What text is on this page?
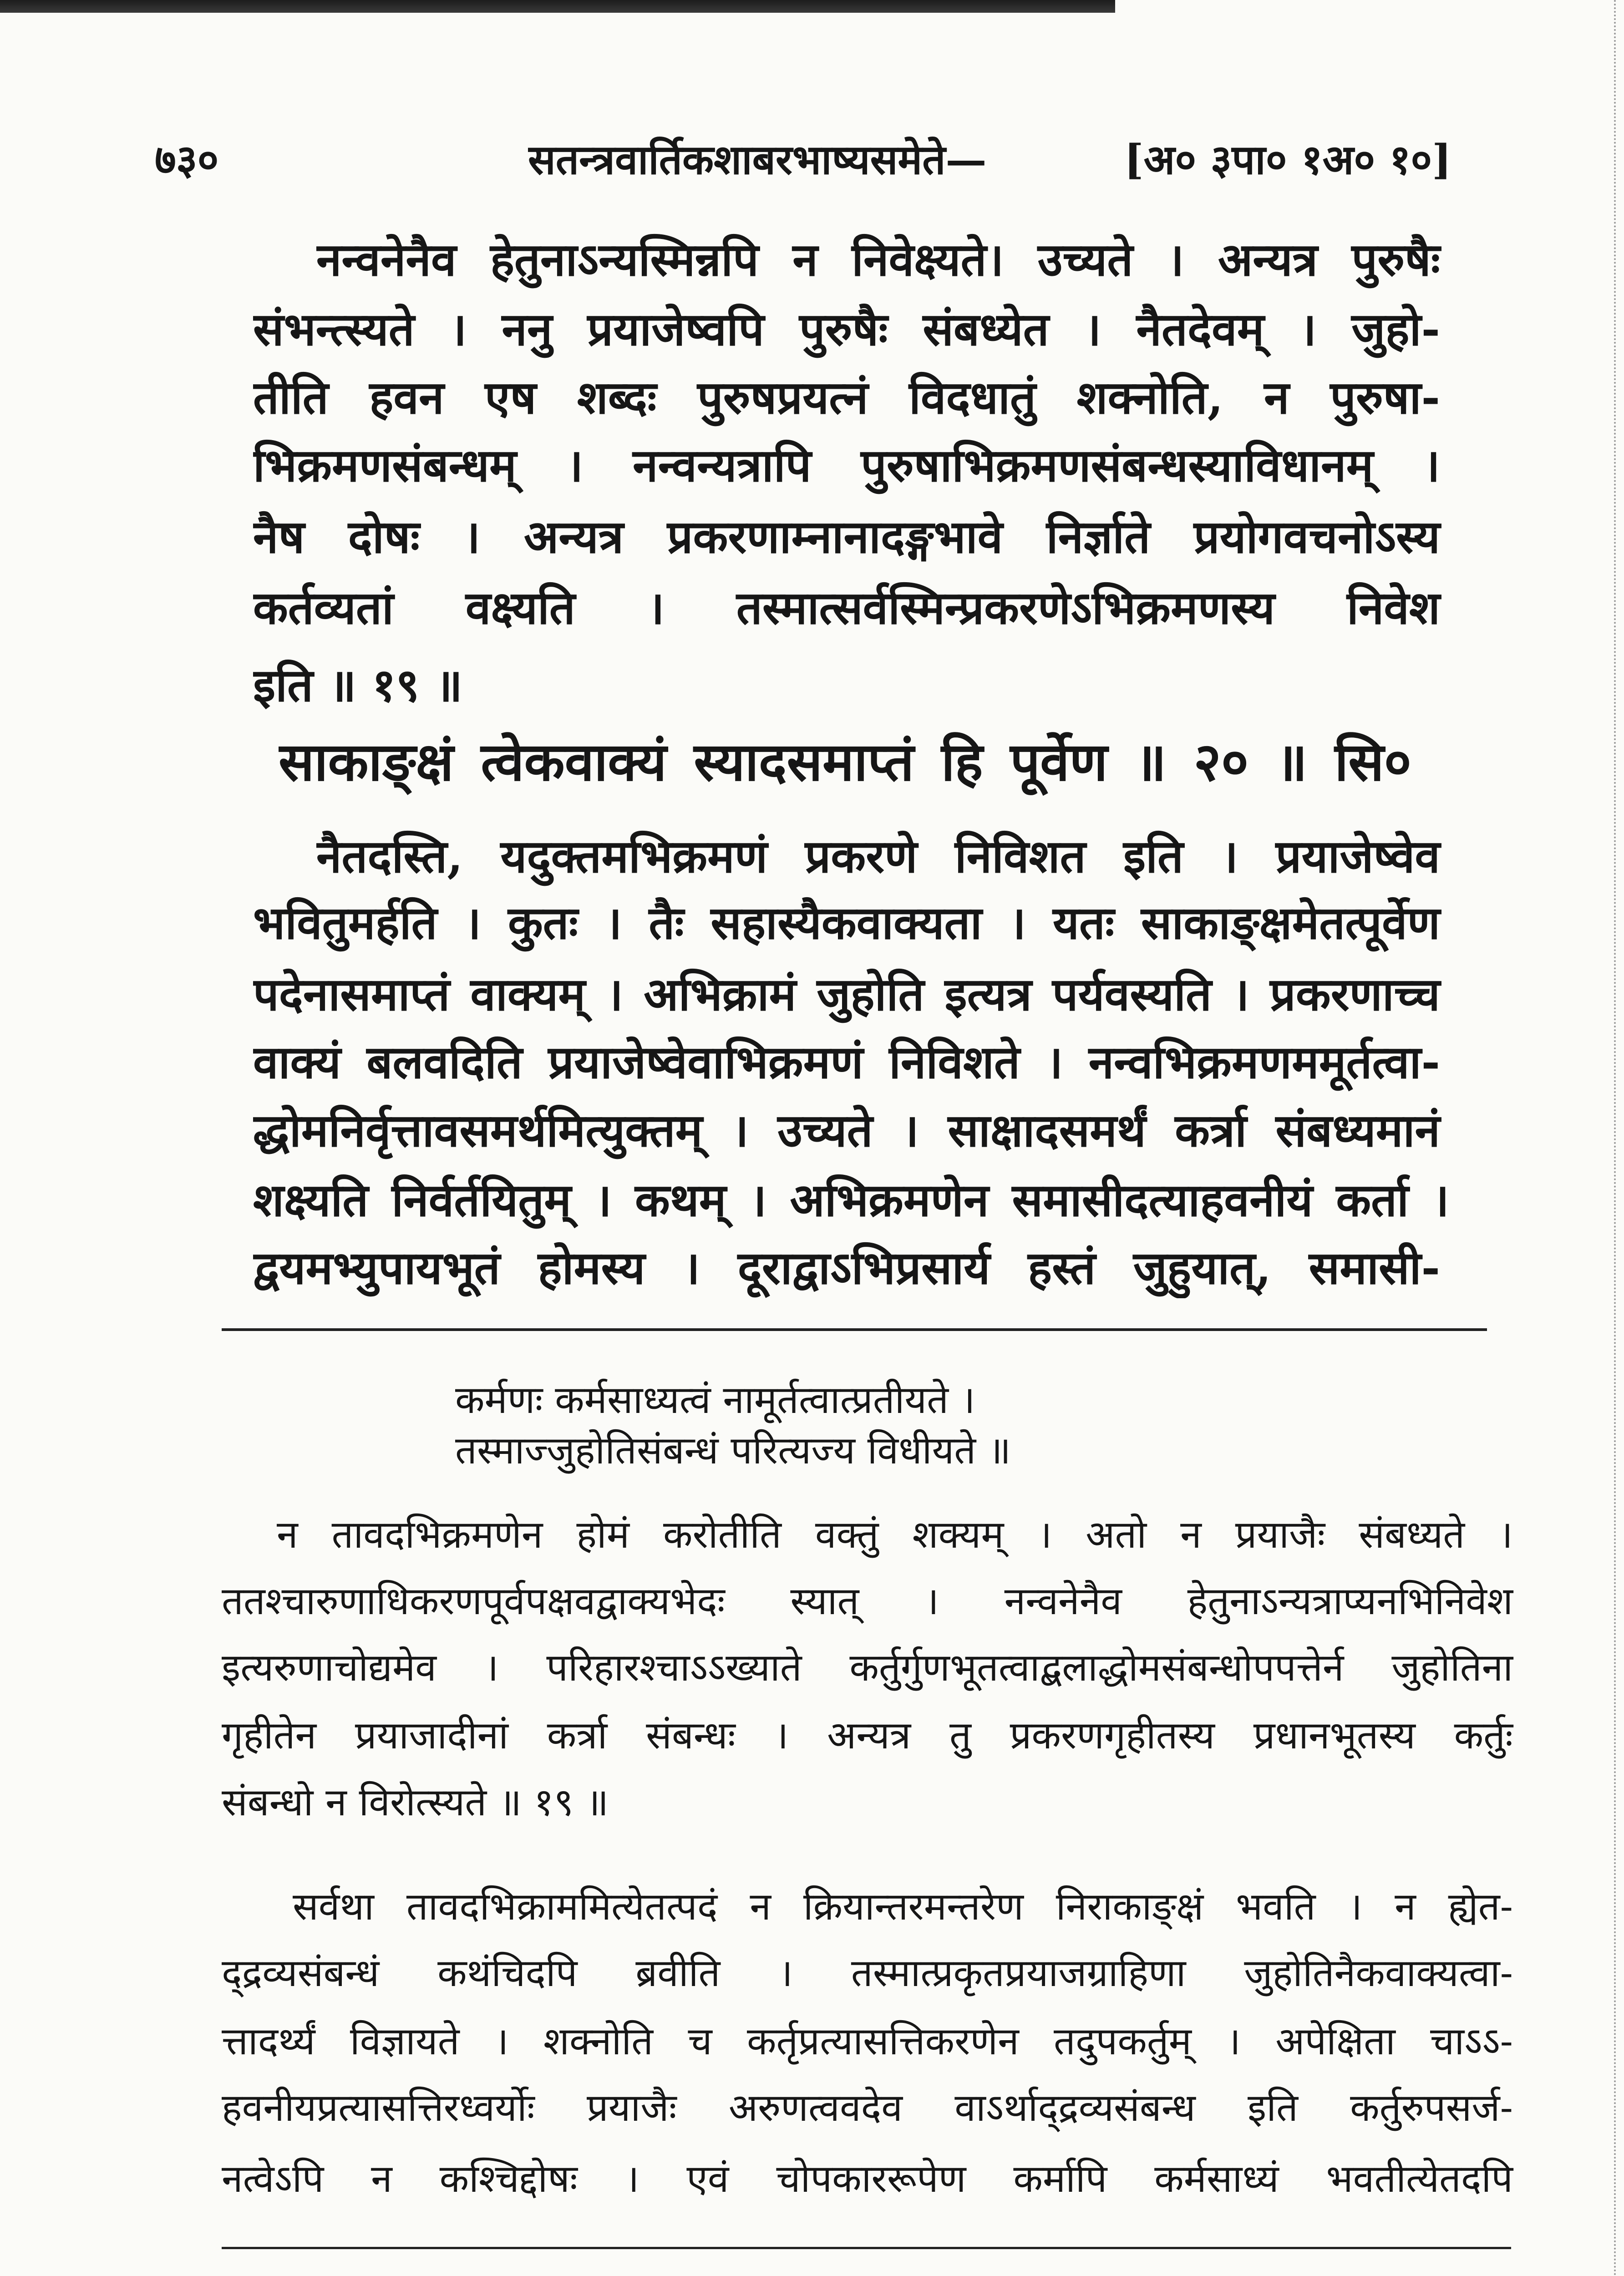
७३०	सतन्त्रवार्तिकशाबरभाष्यसमेते—	[अ० ३पा० १अ० १०]
नन्वनेनैव हेतुनाऽन्यस्मिन्नपि न निवेक्ष्यते। उच्यते । अन्यत्र पुरुषैः
संभन्त्स्यते । ननु प्रयाजेष्वपि पुरुषैः संबध्येत । नैतदेवम् । जुहो-
तीति हवन एष शब्दः पुरुषप्रयत्नं विदधातुं शक्नोति, न पुरुषा-
भिक्रमणसंबन्धम् । नन्वन्यत्रापि पुरुषाभिक्रमणसंबन्धस्याविधानम् ।
नैष दोषः । अन्यत्र प्रकरणाम्नानादङ्गभावे निर्ज्ञाते प्रयोगवचनोऽस्य
कर्तव्यतां वक्ष्यति । तस्मात्सर्वस्मिन्प्रकरणेऽभिक्रमणस्य निवेश
इति ॥ १९ ॥
साकाङ्क्षं त्वेकवाक्यं स्यादसमाप्तं हि पूर्वेण ॥ २० ॥ सि०
नैतदस्ति, यदुक्तमभिक्रमणं प्रकरणे निविशत इति । प्रयाजेष्वेव
भवितुमर्हति । कुतः । तैः सहास्यैकवाक्यता । यतः साकाङ्क्षमेतत्पूर्वेण
पदेनासमाप्तं वाक्यम् । अभिक्रामं जुहोति इत्यत्र पर्यवस्यति । प्रकरणाच्च
वाक्यं बलवदिति प्रयाजेष्वेवाभिक्रमणं निविशते । नन्वभिक्रमणममूर्तत्वा-
द्धोमनिर्वृत्तावसमर्थमित्युक्तम् । उच्यते । साक्षादसमर्थं कर्त्रा संबध्यमानं
शक्ष्यति निर्वर्तयितुम् । कथम् । अभिक्रमणेन समासीदत्याहवनीयं कर्ता ।
द्वयमभ्युपायभूतं होमस्य । दूराद्वाऽभिप्रसार्य हस्तं जुहुयात्, समासी-
कर्मणः कर्मसाध्यत्वं नामूर्तत्वात्प्रतीयते ।
तस्माज्जुहोतिसंबन्धं परित्यज्य विधीयते ॥
न तावदभिक्रमणेन होमं करोतीति वक्तुं शक्यम् । अतो न प्रयाजैः संबध्यते ।
ततश्चारुणाधिकरणपूर्वपक्षवद्वाक्यभेदः स्यात् । नन्वनेनैव हेतुनाऽन्यत्राप्यनभिनिवेश
इत्यरुणाचोद्यमेव । परिहारश्चाऽऽख्याते कर्तुर्गुणभूतत्वाद्बलाद्धोमसंबन्धोपपत्तेर्न जुहोतिना
गृहीतेन प्रयाजादीनां कर्त्रा संबन्धः । अन्यत्र तु प्रकरणगृहीतस्य प्रधानभूतस्य कर्तुः
संबन्धो न विरोत्स्यते ॥ १९ ॥
सर्वथा तावदभिक्राममित्येतत्पदं न क्रियान्तरमन्तरेण निराकाङ्क्षं भवति । न ह्येत-
द्द्रव्यसंबन्धं कथंचिदपि ब्रवीति । तस्मात्प्रकृतप्रयाजग्राहिणा जुहोतिनैकवाक्यत्वा-
त्तादर्थ्यं विज्ञायते । शक्नोति च कर्तृप्रत्यासत्तिकरणेन तदुपकर्तुम् । अपेक्षिता चाऽऽ-
हवनीयप्रत्यासत्तिरध्वर्योः प्रयाजैः अरुणत्ववदेव वाऽर्थाद्द्रव्यसंबन्ध इति कर्तुरुपसर्ज-
नत्वेऽपि न कश्चिद्दोषः । एवं चोपकाररूपेण कर्मापि कर्मसाध्यं भवतीत्येतदपि
